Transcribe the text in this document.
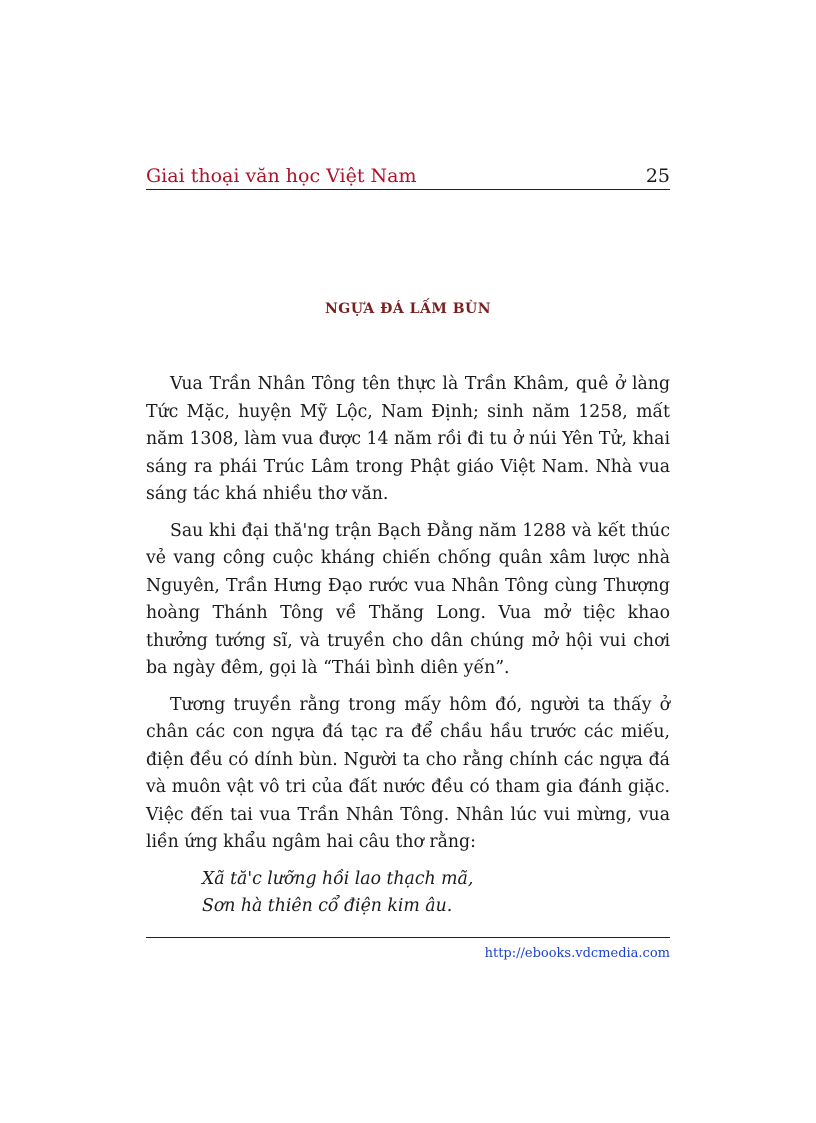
Giai thoại văn học Việt Nam	25
NGỰA ĐÁ LẤM BÙN

Vua Trần Nhân Tông tên thực là Trần Khâm, quê ở làng Tức Mặc, huyện Mỹ Lộc, Nam Định; sinh năm 1258, mất năm 1308, làm vua được 14 năm rồi đi tu ở núi Yên Tử, khai sáng ra phái Trúc Lâm trong Phật giáo Việt Nam. Nhà vua sáng tác khá nhiều thơ văn.

Sau khi đại thă'ng trận Bạch Đằng năm 1288 và kết thúc vẻ vang công cuộc kháng chiến chống quân xâm lược nhà Nguyên, Trần Hưng Đạo rước vua Nhân Tông cùng Thượng hoàng Thánh Tông về Thăng Long. Vua mở tiệc khao thưởng tướng sĩ, và truyền cho dân chúng mở hội vui chơi ba ngày đêm, gọi là “Thái bình diên yến”.

Tương truyền rằng trong mấy hôm đó, người ta thấy ở chân các con ngựa đá tạc ra để chầu hầu trước các miếu, điện đều có dính bùn. Người ta cho rằng chính các ngựa đá và muôn vật vô tri của đất nước đều có tham gia đánh giặc. Việc đến tai vua Trần Nhân Tông. Nhân lúc vui mừng, vua liền ứng khẩu ngâm hai câu thơ rằng:

Xã tă'c lưỡng hồi lao thạch mã,
Sơn hà thiên cổ điện kim âu.
http://ebooks.vdcmedia.com
